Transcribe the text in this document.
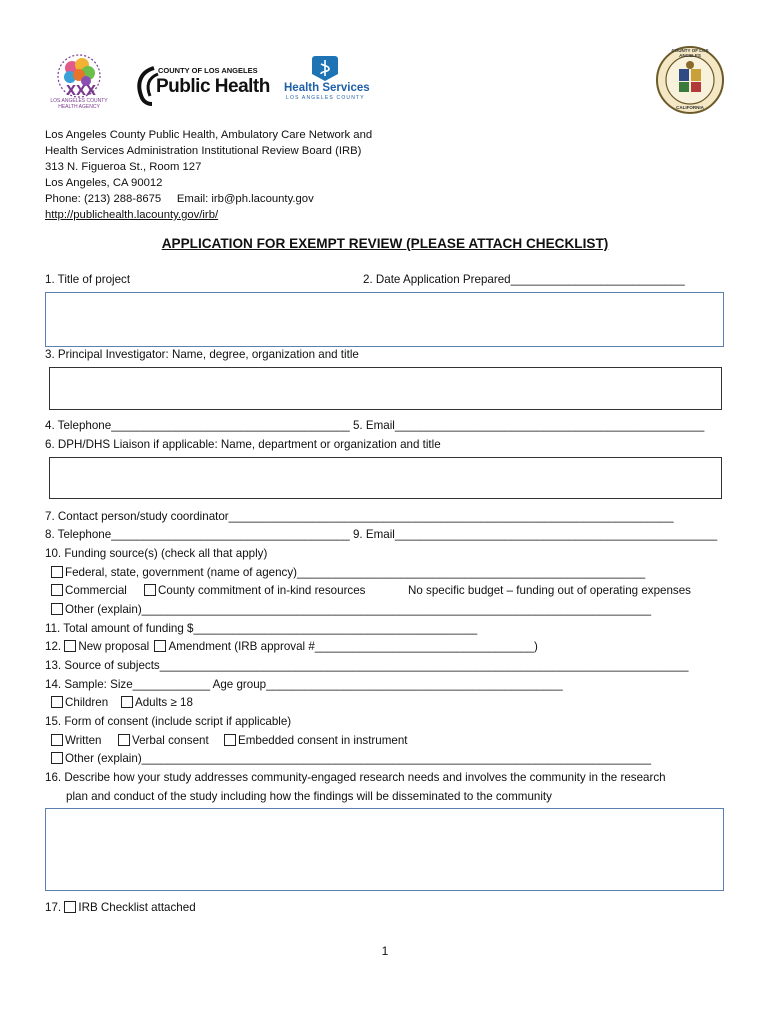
XXX
LOS ANGELES COUNTY HEALTH AGENCY
COUNTY OF LOS ANGELES
Public Health Health Services
LOS ANGELES COUNTY
COUNTY OF LOS ANGELES
CALIFORNIA
Los Angeles County Public Health, Ambulatory Care Network and
Health Services Administration Institutional Review Board (IRB)
313 N. Figueroa St., Room 127
Los Angeles, CA 90012
Phone: (213) 288-8675     Email: irb@ph.lacounty.gov
http://publichealth.lacounty.gov/irb/
APPLICATION FOR EXEMPT REVIEW (PLEASE ATTACH CHECKLIST)
1. Title of project	2. Date Application Prepared___________________________
3. Principal Investigator: Name, degree, organization and title
4. Telephone_____________________________________ 5. Email________________________________________________
6. DPH/DHS Liaison if applicable: Name, department or organization and title
7. Contact person/study coordinator_____________________________________________________________________
8. Telephone_____________________________________ 9. Email__________________________________________________
10. Funding source(s) (check all that apply)
Federal, state, government (name of agency)______________________________________________________
Commercial	County commitment of in-kind resources	No specific budget – funding out of operating expenses
Other (explain)_______________________________________________________________________________
11. Total amount of funding $____________________________________________
12. New proposal Amendment (IRB approval #__________________________________)
13. Source of subjects__________________________________________________________________________________
14. Sample: Size____________ Age group______________________________________________
Children	Adults ≥ 18
15. Form of consent (include script if applicable)
Written	Verbal consent	Embedded consent in instrument
Other (explain)_______________________________________________________________________________
16. Describe how your study addresses community-engaged research needs and involves the community in the research
plan and conduct of the study including how the findings will be disseminated to the community
17. IRB Checklist attached
1
